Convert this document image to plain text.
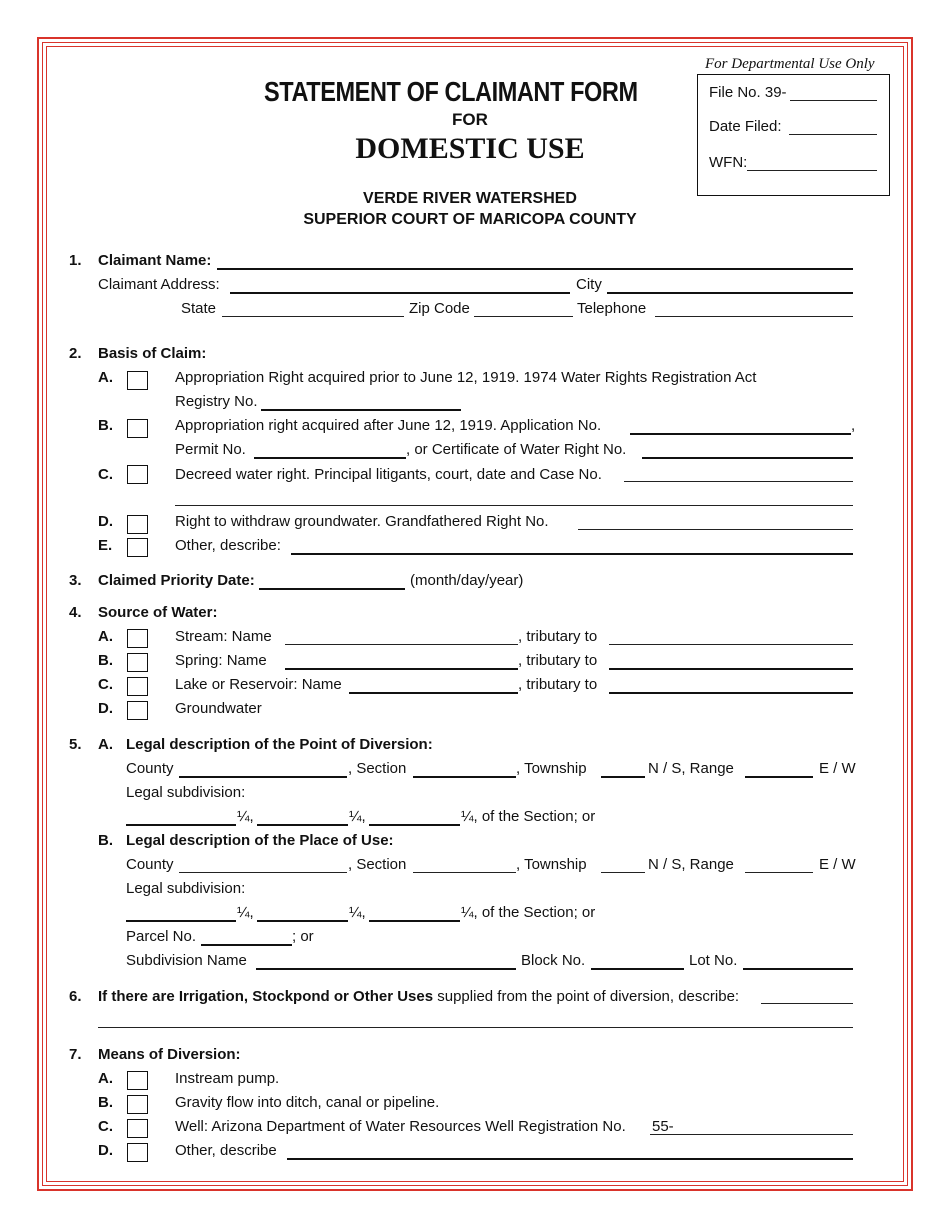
STATEMENT OF CLAIMANT FORM
FOR
DOMESTIC USE
VERDE RIVER WATERSHED
SUPERIOR COURT OF MARICOPA COUNTY
For Departmental Use Only
File No. 39-
Date Filed:
WFN:
1. Claimant Name:
Claimant Address:	City
State	Zip Code	Telephone
2. Basis of Claim:
A.	Appropriation Right acquired prior to June 12, 1919. 1974 Water Rights Registration Act
Registry No.
B.	Appropriation right acquired after June 12, 1919. Application No.	,
Permit No.	, or Certificate of Water Right No.
C.	Decreed water right. Principal litigants, court, date and Case No.
D.	Right to withdraw groundwater. Grandfathered Right No.
E.	Other, describe:
3. Claimed Priority Date:	(month/day/year)
4. Source of Water:
A.	Stream: Name	, tributary to
B.	Spring: Name	, tributary to
C.	Lake or Reservoir: Name	, tributary to
D.	Groundwater
5. A. Legal description of the Point of Diversion:
County	, Section	, Township	N / S, Range	E / W
Legal subdivision:
¼,	¼,	¼, of the Section; or
B. Legal description of the Place of Use:
County	, Section	, Township	N / S, Range	E / W
Legal subdivision:
¼,	¼,	¼, of the Section; or
Parcel No.	; or
Subdivision Name	Block No.	Lot No.
6. If there are Irrigation, Stockpond or Other Uses supplied from the point of diversion, describe:
7. Means of Diversion:
A.	Instream pump.
B.	Gravity flow into ditch, canal or pipeline.
C.	Well: Arizona Department of Water Resources Well Registration No. 55-
D.	Other, describe
